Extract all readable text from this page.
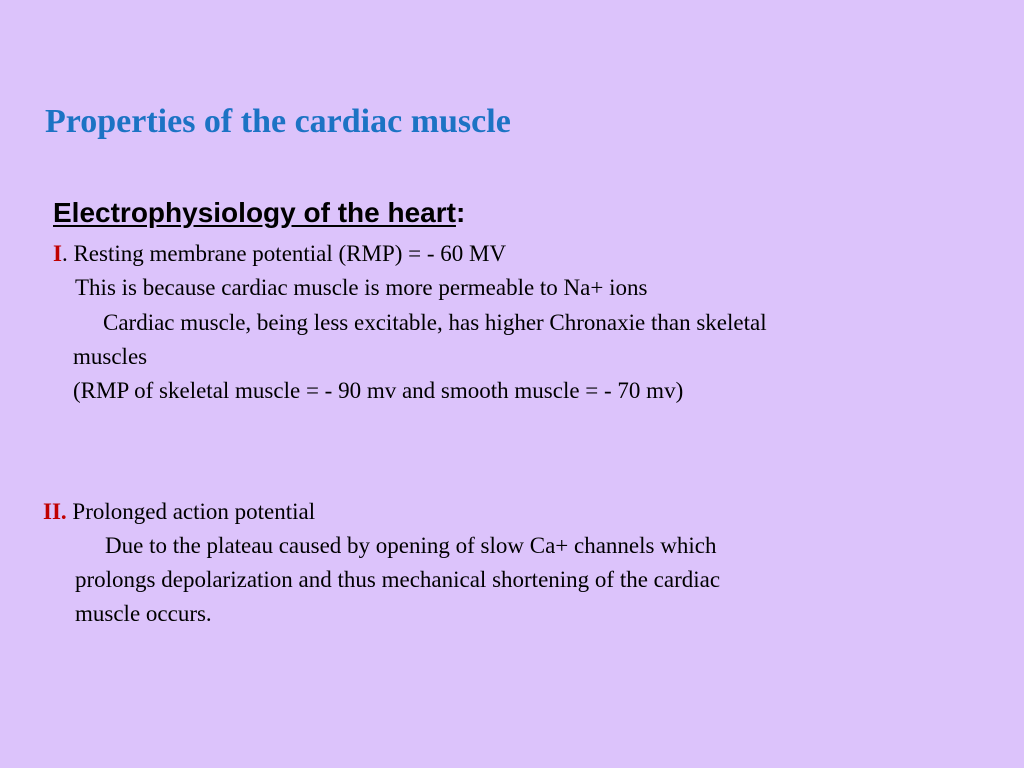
Properties of the cardiac muscle
Electrophysiology of the heart:
I. Resting membrane potential (RMP) = - 60 MV
This is because cardiac muscle is more permeable to Na+ ions
Cardiac muscle, being less excitable, has higher Chronaxie than skeletal
muscles
(RMP of skeletal muscle = - 90 mv and smooth muscle = - 70 mv)
II. Prolonged action potential
Due to the plateau caused by opening of slow Ca+ channels which
prolongs depolarization and thus mechanical shortening of the cardiac
muscle occurs.
